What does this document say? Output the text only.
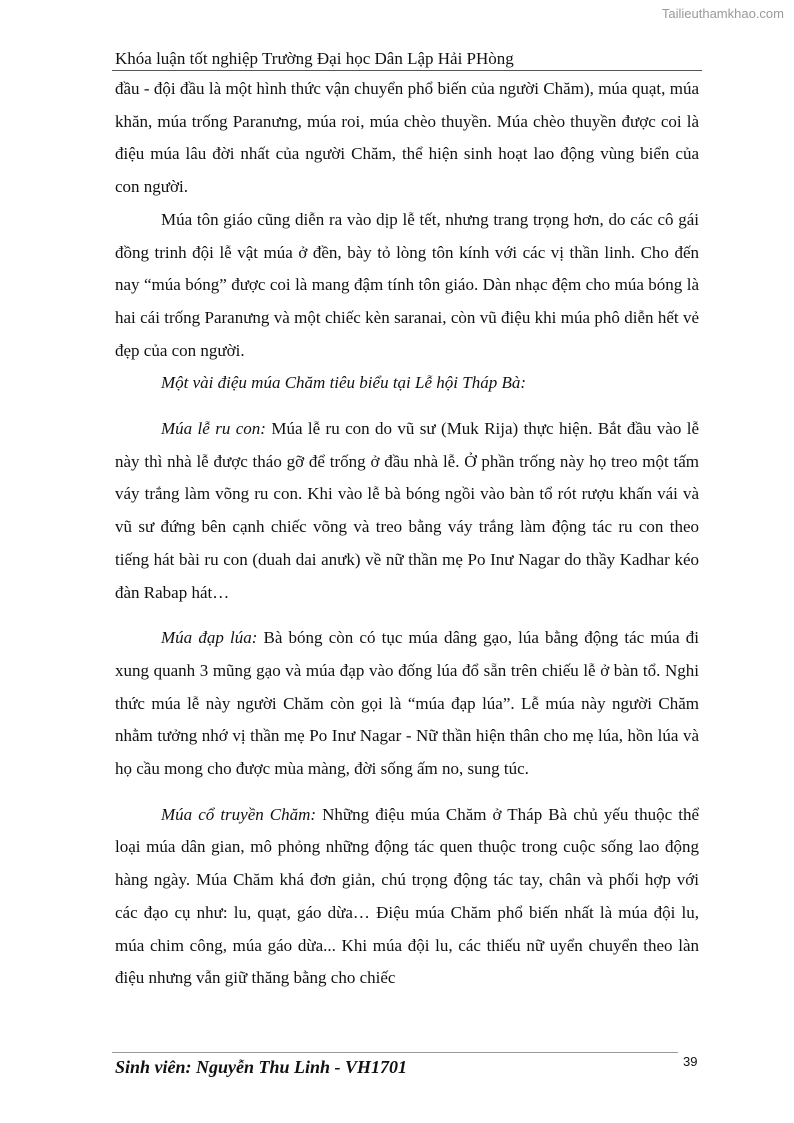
Tailieuthamkhao.com
Khóa luận tốt nghiệp Trường Đại học Dân Lập Hải PHòng

đầu - đội đầu là một hình thức vận chuyển phổ biến của người Chăm), múa quạt, múa khăn, múa trống Paranưng, múa roi, múa chèo thuyền. Múa chèo thuyền được coi là điệu múa lâu đời nhất của người Chăm, thể hiện sinh hoạt lao động vùng biển của con người.

Múa tôn giáo cũng diễn ra vào dịp lễ tết, nhưng trang trọng hơn, do các cô gái đồng trinh đội lễ vật múa ở đền, bày tỏ lòng tôn kính với các vị thần linh. Cho đến nay “múa bóng” được coi là mang đậm tính tôn giáo. Dàn nhạc đệm cho múa bóng là hai cái trống Paranưng và một chiếc kèn saranai, còn vũ điệu khi múa phô diễn hết vẻ đẹp của con người.

Một vài điệu múa Chăm tiêu biểu tại Lễ hội Tháp Bà:

Múa lễ ru con: Múa lễ ru con do vũ sư (Muk Rija) thực hiện. Bắt đầu vào lễ này thì nhà lễ được tháo gỡ để trống ở đầu nhà lễ. Ở phần trống này họ treo một tấm váy trắng làm võng ru con. Khi vào lễ bà bóng ngồi vào bàn tổ rót rượu khấn vái và vũ sư đứng bên cạnh chiếc võng và treo bằng váy trắng làm động tác ru con theo tiếng hát bài ru con (duah dai anưk) về nữ thần mẹ Po Inư Nagar do thầy Kadhar kéo đàn Rabap hát…

Múa đạp lúa: Bà bóng còn có tục múa dâng gạo, lúa bằng động tác múa đi xung quanh 3 mũng gạo và múa đạp vào đống lúa đổ sẵn trên chiếu lễ ở bàn tổ. Nghi thức múa lễ này người Chăm còn gọi là “múa đạp lúa”. Lễ múa này người Chăm nhằm tưởng nhớ vị thần mẹ Po Inư Nagar - Nữ thần hiện thân cho mẹ lúa, hồn lúa và họ cầu mong cho được mùa màng, đời sống ấm no, sung túc.

Múa cổ truyền Chăm: Những điệu múa Chăm ở Tháp Bà chủ yếu thuộc thể loại múa dân gian, mô phỏng những động tác quen thuộc trong cuộc sống lao động hàng ngày. Múa Chăm khá đơn giản, chú trọng động tác tay, chân và phối hợp với các đạo cụ như: lu, quạt, gáo dừa… Điệu múa Chăm phổ biến nhất là múa đội lu, múa chim công, múa gáo dừa... Khi múa đội lu, các thiếu nữ uyển chuyển theo làn điệu nhưng vẫn giữ thăng bằng cho chiếc

Sinh viên: Nguyễn Thu Linh - VH1701	39
